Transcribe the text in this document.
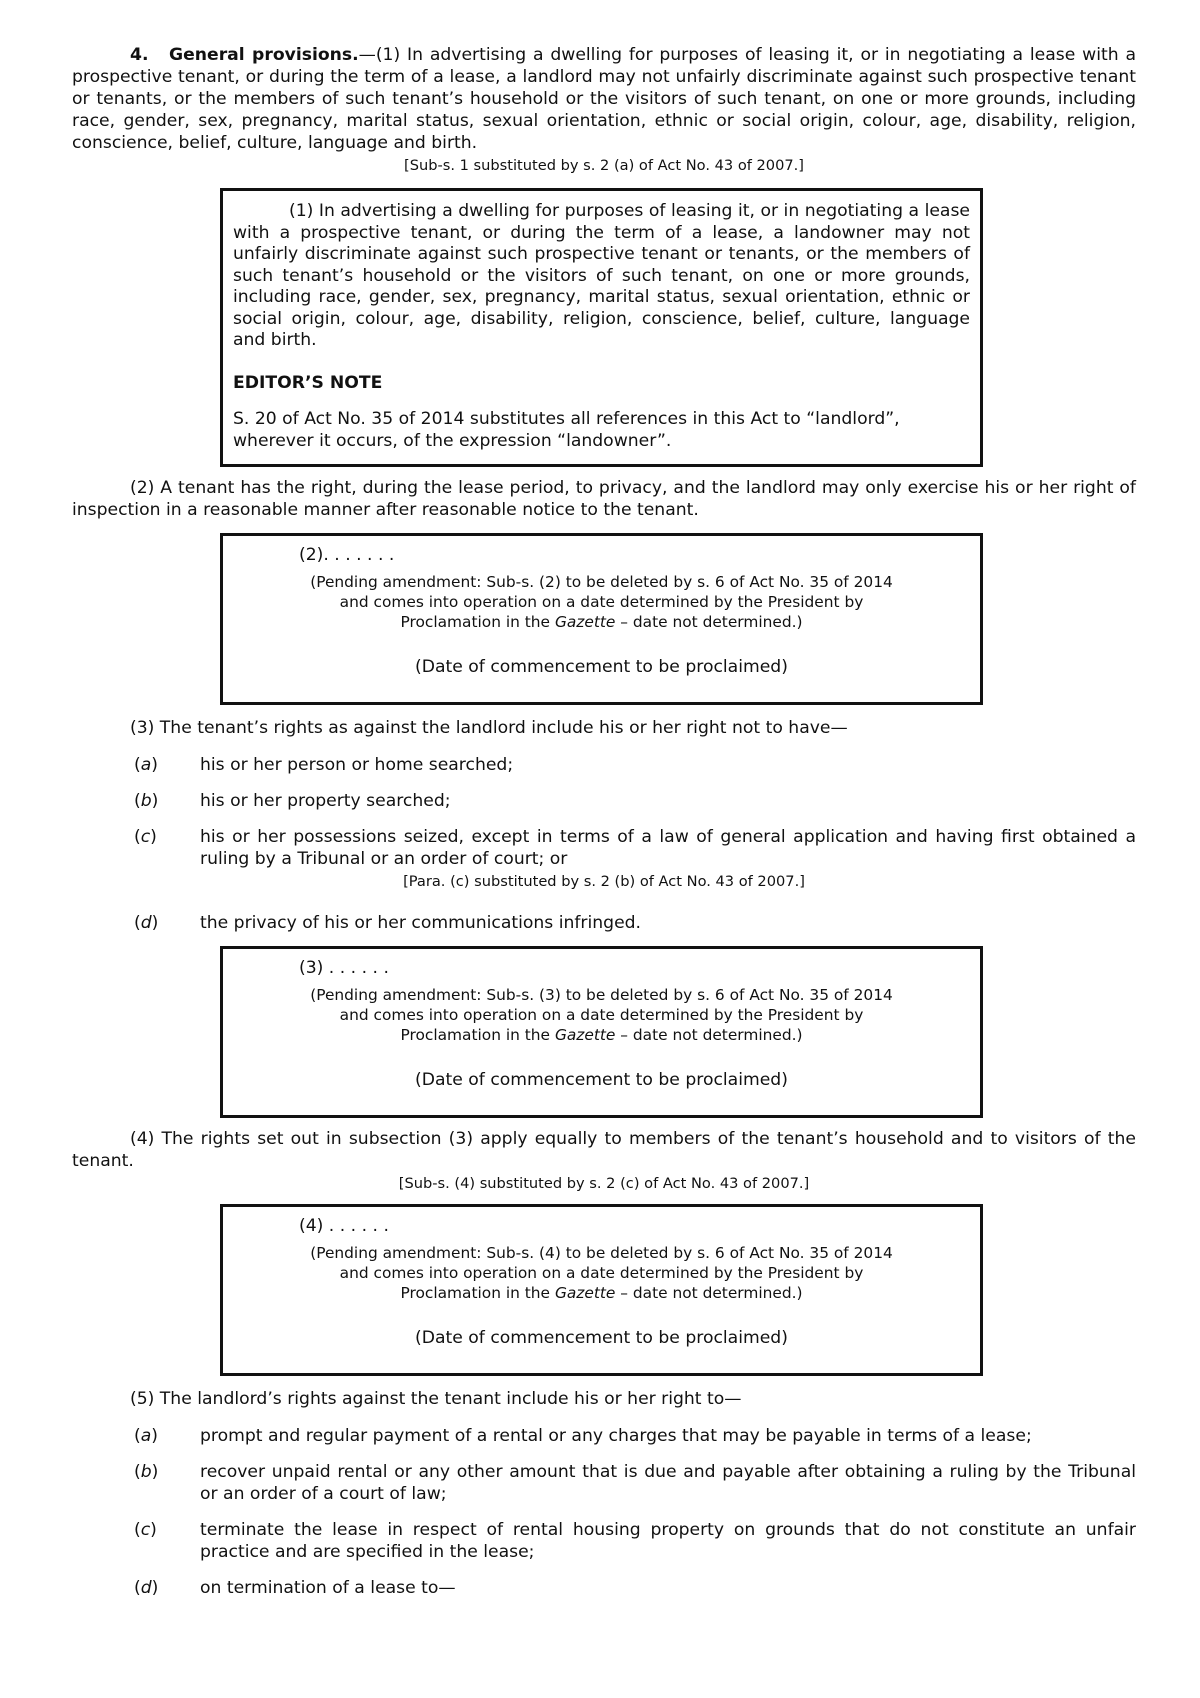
4. General provisions.—(1) In advertising a dwelling for purposes of leasing it, or in negotiating a lease with a prospective tenant, or during the term of a lease, a landlord may not unfairly discriminate against such prospective tenant or tenants, or the members of such tenant’s household or the visitors of such tenant, on one or more grounds, including race, gender, sex, pregnancy, marital status, sexual orientation, ethnic or social origin, colour, age, disability, religion, conscience, belief, culture, language and birth.

[Sub-s. 1 substituted by s. 2 (a) of Act No. 43 of 2007.]

(1) In advertising a dwelling for purposes of leasing it, or in negotiating a lease with a prospective tenant, or during the term of a lease, a landowner may not unfairly discriminate against such prospective tenant or tenants, or the members of such tenant’s household or the visitors of such tenant, on one or more grounds, including race, gender, sex, pregnancy, marital status, sexual orientation, ethnic or social origin, colour, age, disability, religion, conscience, belief, culture, language and birth.

EDITOR’S NOTE

S. 20 of Act No. 35 of 2014 substitutes all references in this Act to “landlord”,

wherever it occurs, of the expression “landowner”.

(2) A tenant has the right, during the lease period, to privacy, and the landlord may only exercise his or her right of inspection in a reasonable manner after reasonable notice to the tenant.

(2). . . . . . .

(Pending amendment: Sub-s. (2) to be deleted by s. 6 of Act No. 35 of 2014

and comes into operation on a date determined by the President by

Proclamation in the Gazette – date not determined.)

(Date of commencement to be proclaimed)

(3) The tenant’s rights as against the landlord include his or her right not to have—

(a)	his or her person or home searched;
(b)	his or her property searched;
(c)	his or her possessions seized, except in terms of a law of general application and having first obtained a ruling by a Tribunal or an order of court; or

[Para. (c) substituted by s. 2 (b) of Act No. 43 of 2007.]

(d)	the privacy of his or her communications infringed.

(3) . . . . . .

(Pending amendment: Sub-s. (3) to be deleted by s. 6 of Act No. 35 of 2014

and comes into operation on a date determined by the President by

Proclamation in the Gazette – date not determined.)

(Date of commencement to be proclaimed)

(4) The rights set out in subsection (3) apply equally to members of the tenant’s household and to visitors of the tenant.

[Sub-s. (4) substituted by s. 2 (c) of Act No. 43 of 2007.]

(4) . . . . . .

(Pending amendment: Sub-s. (4) to be deleted by s. 6 of Act No. 35 of 2014

and comes into operation on a date determined by the President by

Proclamation in the Gazette – date not determined.)

(Date of commencement to be proclaimed)

(5) The landlord’s rights against the tenant include his or her right to—

(a)	prompt and regular payment of a rental or any charges that may be payable in terms of a lease;
(b)	recover unpaid rental or any other amount that is due and payable after obtaining a ruling by the Tribunal or an order of a court of law;
(c)	terminate the lease in respect of rental housing property on grounds that do not constitute an unfair practice and are specified in the lease;
(d)	on termination of a lease to—
